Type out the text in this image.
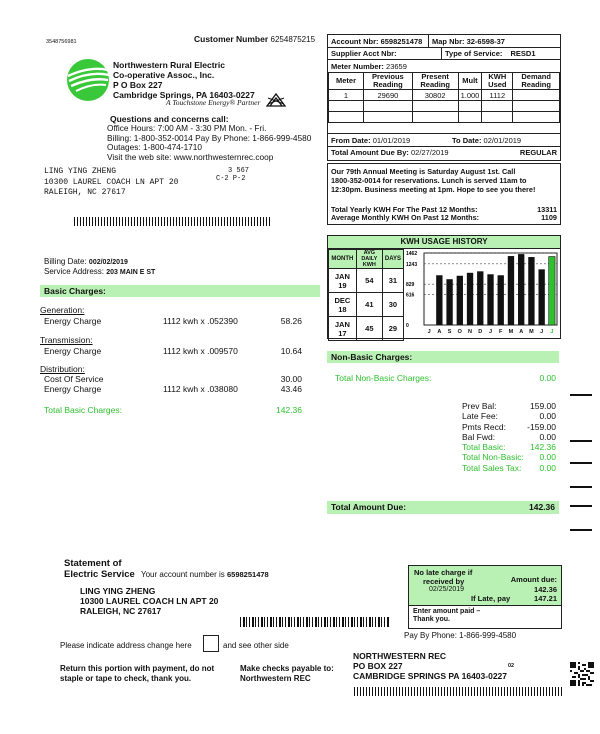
3548756981	Customer Number 6254875215
Northwestern Rural Electric
Co-operative Assoc., Inc.
P O Box 227
Cambridge Springs, PA 16403-0227
A Touchstone Energy® Partner
Questions and concerns call:
Office Hours: 7:00 AM - 3:30 PM Mon. - Fri.
Billing: 1-800-352-0014 Pay By Phone: 1-866-999-4580
Outages: 1-800-474-1710
Visit the web site: www.northwesternrec.coop
LING YING ZHENG
10300 LAUREL COACH LN APT 20
RALEIGH, NC 27617
3 567
C-2 P-2
Account Nbr: 6598251478 Map Nbr: 32-6598-37
Supplier Acct Nbr:	Type of Service: RESD1
Meter Number: 23659
Meter	Previous Reading	Present Reading	Mult	KWH Used	Demand Reading
1	29690	30802	1.000	1112	

From Date: 01/01/2019	To Date: 02/01/2019
Total Amount Due By: 02/27/2019	REGULAR
Our 79th Annual Meeting is Saturday August 1st. Call
1800-352-0014 for reservations. Lunch is served 11am to
12:30pm. Business meeting at 1pm. Hope to see you there!
Total Yearly KWH For The Past 12 Months:	13311
Average Monthly KWH On Past 12 Months:	1109
KWH USAGE HISTORY
MONTH	AVG DAILY KWH	DAYS
JAN 19	54	31
DEC 18	41	30
JAN 17	45	29
1462
1243
829
616
0
J A S O N D J F M A M J J
Billing Date: 002/02/2019
Service Address: 203 MAIN E ST
Basic Charges:
Generation:
Energy Charge	1112 kwh x .052390	58.26
Transmission:
Energy Charge	1112 kwh x .009570	10.64
Distribution:
Cost Of Service	30.00
Energy Charge	1112 kwh x .038080	43.46
Total Basic Charges:	142.36
Non-Basic Charges:
Total Non-Basic Charges:	0.00
Prev Bal:	159.00
Late Fee:	0.00
Pmts Recd: -159.00
Bal Fwd:	0.00
Total Basic:	142.36
Total Non-Basic: 0.00
Total Sales Tax: 0.00
Total Amount Due:	142.36
Statement of
Electric Service Your account number is 6598251478
LING YING ZHENG
10300 LAUREL COACH LN APT 20
RALEIGH, NC 27617
No late charge if
received by
02/25/2019
Amount due:
142.36
If Late, pay	147.21
Enter amount paid –
Thank you.
Pay By Phone: 1-866-999-4580
Please indicate address change here	and see other side
Return this portion with payment, do not
staple or tape to check, thank you.
Make checks payable to:
Northwestern REC
NORTHWESTERN REC
PO BOX 227
CAMBRIDGE SPRINGS PA 16403-0227
02
